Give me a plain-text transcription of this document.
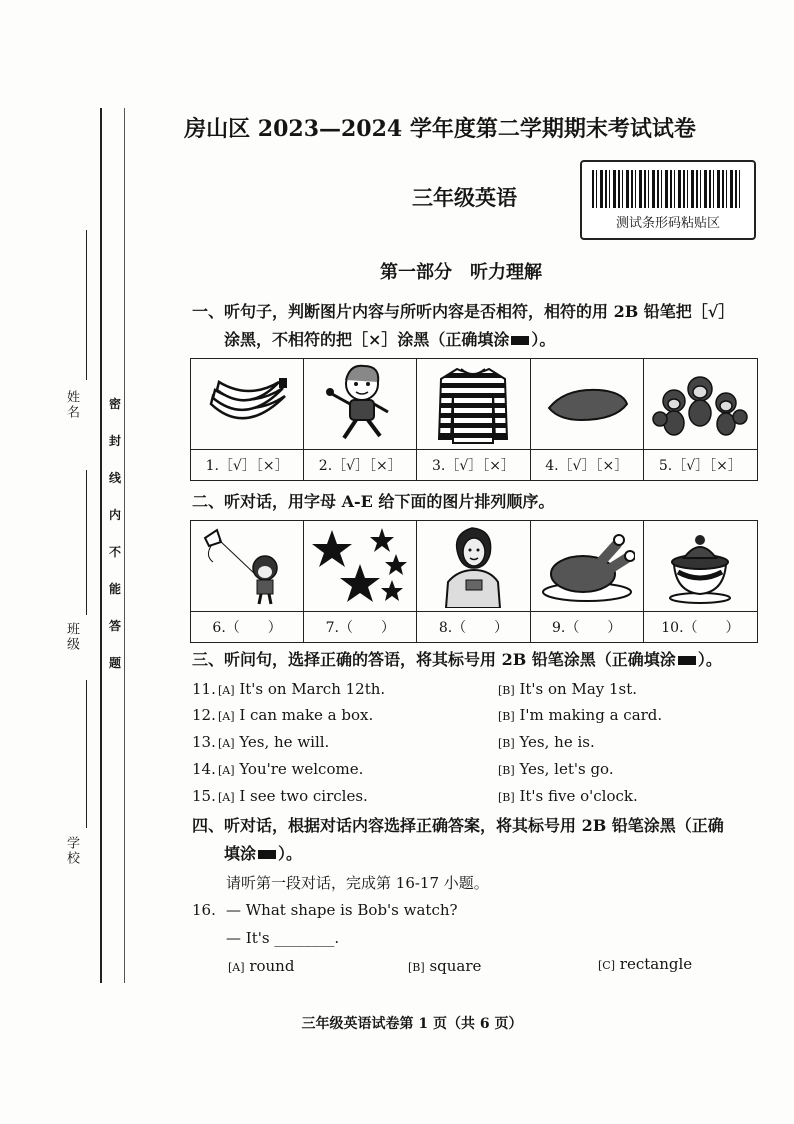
姓名
班级
学校
密
封
线
内
不
能
答
题
房山区 2023—2024 学年度第二学期期末考试试卷
三年级英语
测试条形码粘贴区
第一部分　听力理解
一、听句子，判断图片内容与所听内容是否相符，相符的用 2B 铅笔把［√］
涂黑，不相符的把［×］涂黑（正确填涂 ）。
1.［√］［×］	2.［√］［×］	3.［√］［×］	4.［√］［×］	5.［√］［×］
二、听对话，用字母 A-E 给下面的图片排列顺序。
6.（　　）	7.（　　）	8.（　　）	9.（　　）	10.（　　）
三、听问句，选择正确的答语，将其标号用 2B 铅笔涂黑（正确填涂 ）。
11. [A] It's on March 12th.	[B] It's on May 1st.
12. [A] I can make a box.	[B] I'm making a card.
13. [A] Yes, he will.	[B] Yes, he is.
14. [A] You're welcome.	[B] Yes, let's go.
15. [A] I see two circles.	[B] It's five o'clock.
四、听对话，根据对话内容选择正确答案，将其标号用 2B 铅笔涂黑（正确
填涂 ）。
请听第一段对话，完成第 16-17 小题。
16. — What shape is Bob's watch?
— It's ________.
[A] round	[B] square	[C] rectangle
三年级英语试卷第 1 页（共 6 页）
